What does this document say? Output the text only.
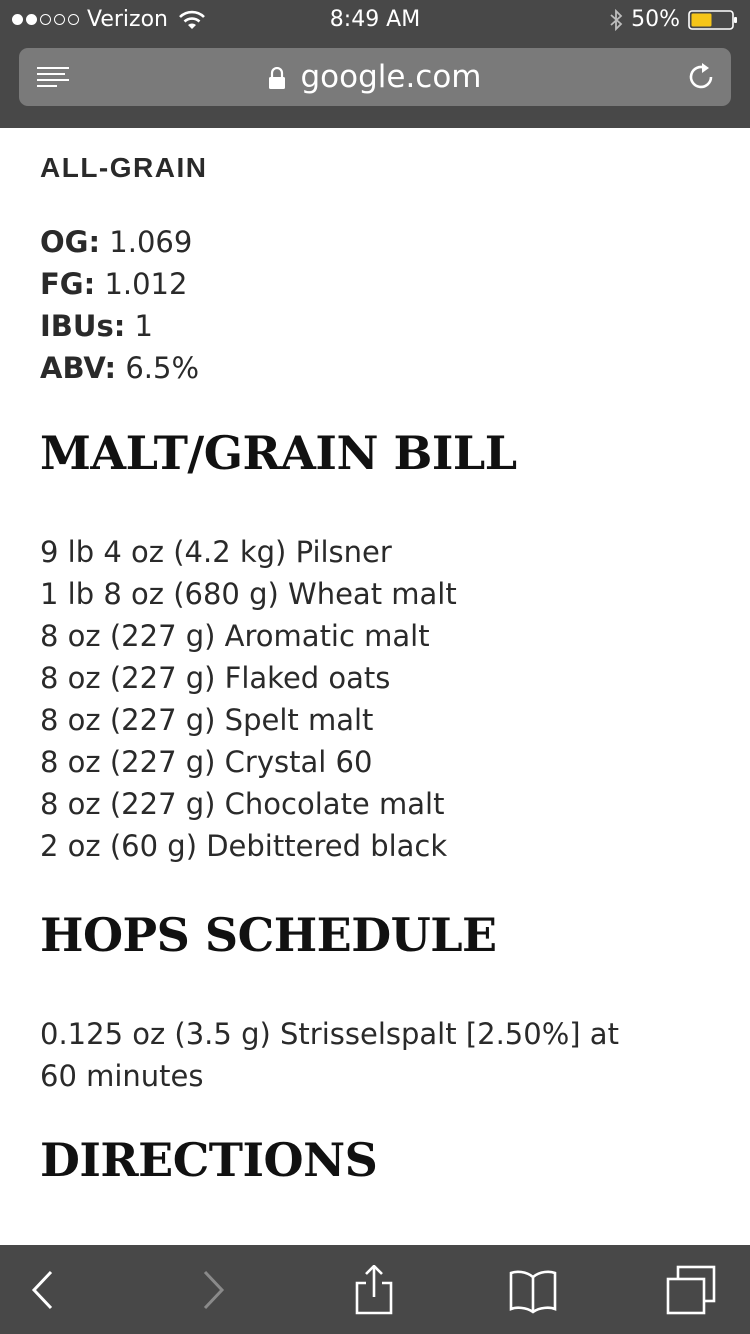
Verizon	8:49 AM	50%
google.com
ALL-GRAIN
OG: 1.069
FG: 1.012
IBUs: 1
ABV: 6.5%
MALT/GRAIN BILL
9 lb 4 oz (4.2 kg) Pilsner
1 lb 8 oz (680 g) Wheat malt
8 oz (227 g) Aromatic malt
8 oz (227 g) Flaked oats
8 oz (227 g) Spelt malt
8 oz (227 g) Crystal 60
8 oz (227 g) Chocolate malt
2 oz (60 g) Debittered black
HOPS SCHEDULE
0.125 oz (3.5 g) Strisselspalt [2.50%] at 60 minutes
DIRECTIONS
